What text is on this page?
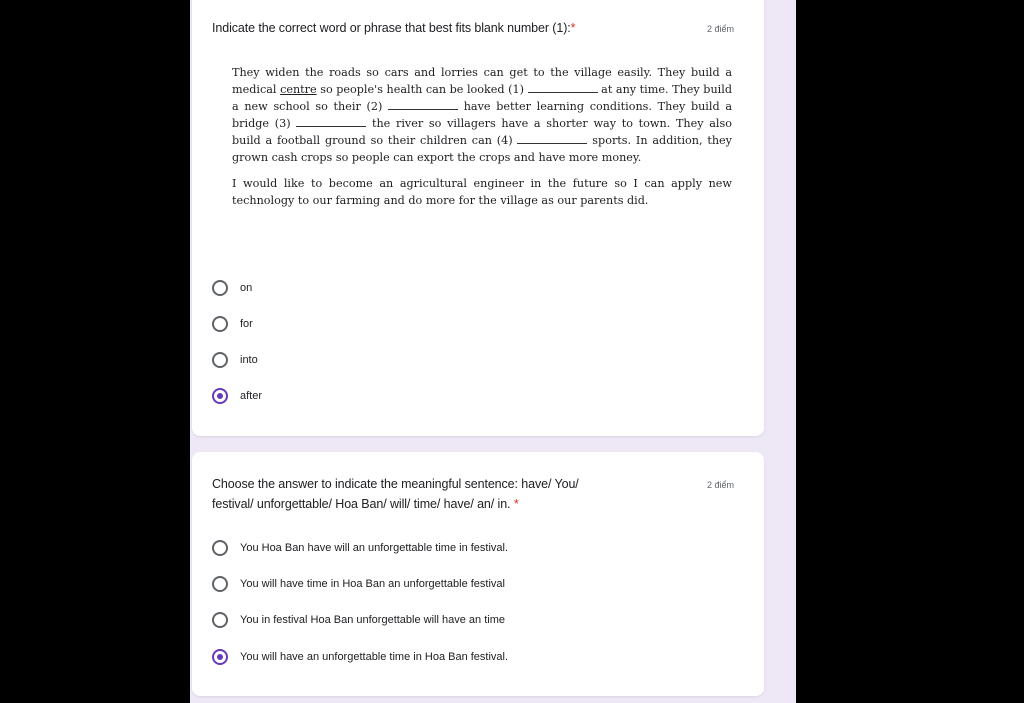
Indicate the correct word or phrase that best fits blank number (1):*	2 điểm

They widen the roads so cars and lorries can get to the village easily. They build a medical centre so people's health can be looked (1)	at any time. They build a new school so their (2)	have better learning conditions. They build a bridge (3)	the river so villagers have a shorter way to town. They also build a football ground so their children can (4)	sports. In addition, they grown cash crops so people can export the crops and have more money.

I would like to become an agricultural engineer in the future so I can apply new technology to our farming and do more for the village as our parents did.

on
for
into
after
Choose the answer to indicate the meaningful sentence: have/ You/
festival/ unforgettable/ Hoa Ban/ will/ time/ have/ an/ in. *
2 điểm
You Hoa Ban have will an unforgettable time in festival.
You will have time in Hoa Ban an unforgettable festival
You in festival Hoa Ban unforgettable will have an time
You will have an unforgettable time in Hoa Ban festival.
